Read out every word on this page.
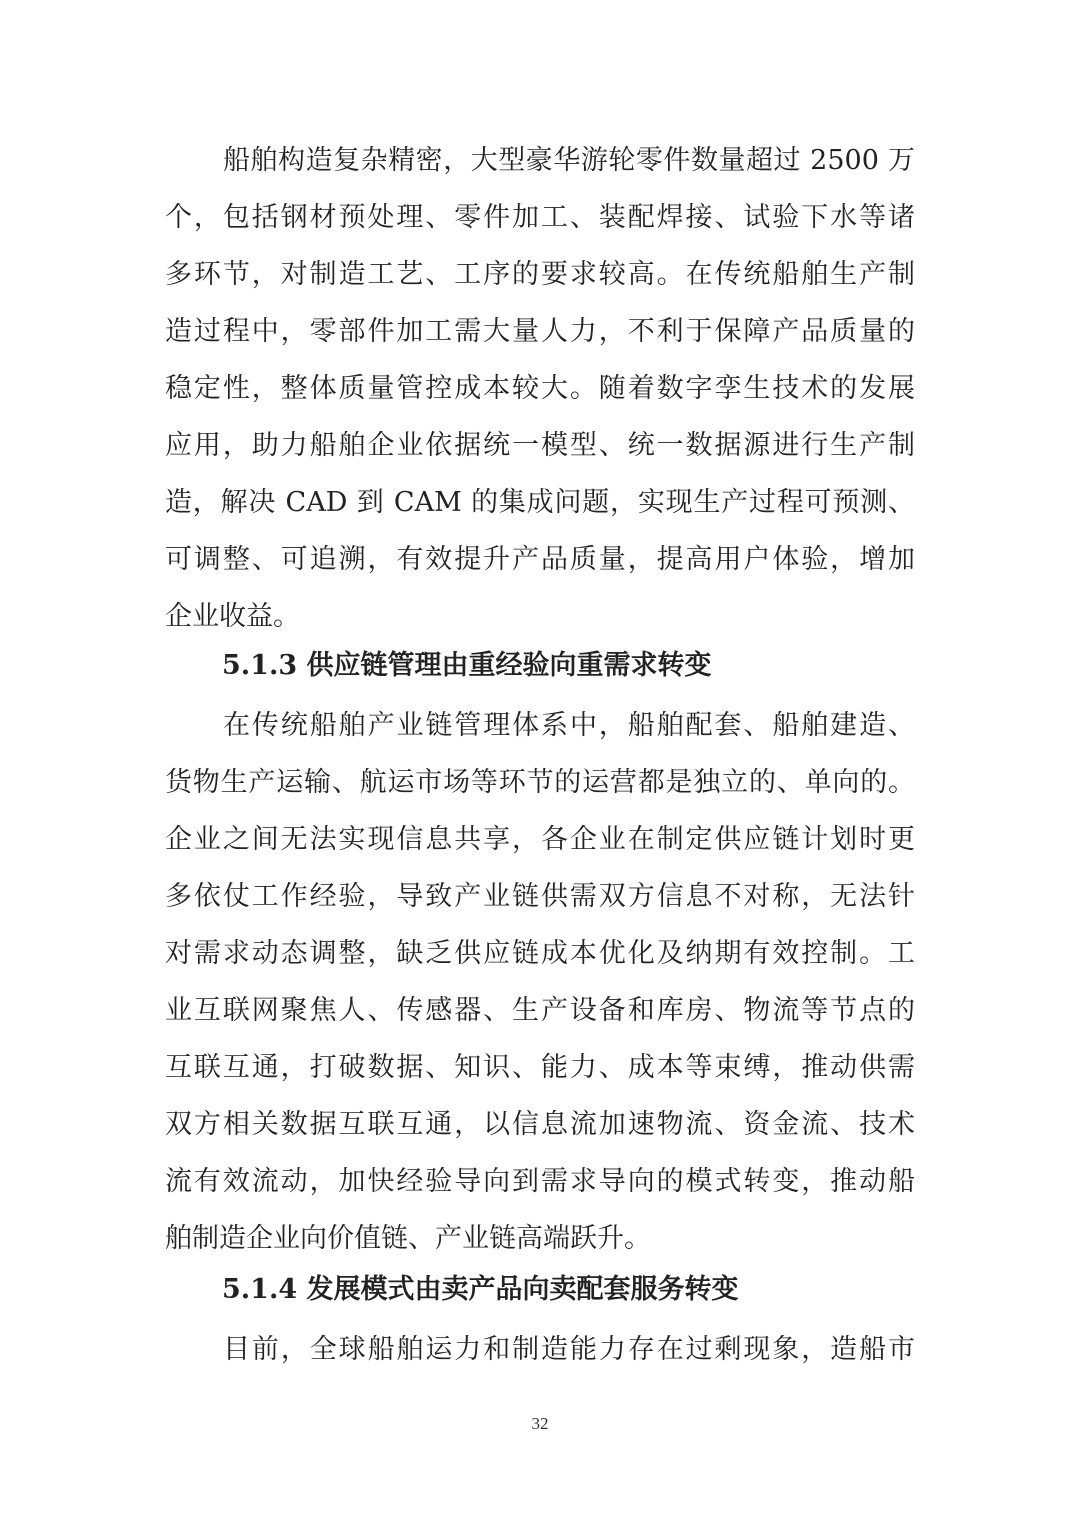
船舶构造复杂精密，大型豪华游轮零件数量超过 2500 万
个，包括钢材预处理、零件加工、装配焊接、试验下水等诸
多环节，对制造工艺、工序的要求较高。在传统船舶生产制
造过程中，零部件加工需大量人力，不利于保障产品质量的
稳定性，整体质量管控成本较大。随着数字孪生技术的发展
应用，助力船舶企业依据统一模型、统一数据源进行生产制
造，解决 CAD 到 CAM 的集成问题，实现生产过程可预测、
可调整、可追溯，有效提升产品质量，提高用户体验，增加
企业收益。
5.1.3 供应链管理由重经验向重需求转变
在传统船舶产业链管理体系中，船舶配套、船舶建造、
货物生产运输、航运市场等环节的运营都是独立的、单向的。
企业之间无法实现信息共享，各企业在制定供应链计划时更
多依仗工作经验，导致产业链供需双方信息不对称，无法针
对需求动态调整，缺乏供应链成本优化及纳期有效控制。工
业互联网聚焦人、传感器、生产设备和库房、物流等节点的
互联互通，打破数据、知识、能力、成本等束缚，推动供需
双方相关数据互联互通，以信息流加速物流、资金流、技术
流有效流动，加快经验导向到需求导向的模式转变，推动船
舶制造企业向价值链、产业链高端跃升。
5.1.4 发展模式由卖产品向卖配套服务转变
目前，全球船舶运力和制造能力存在过剩现象，造船市
32
